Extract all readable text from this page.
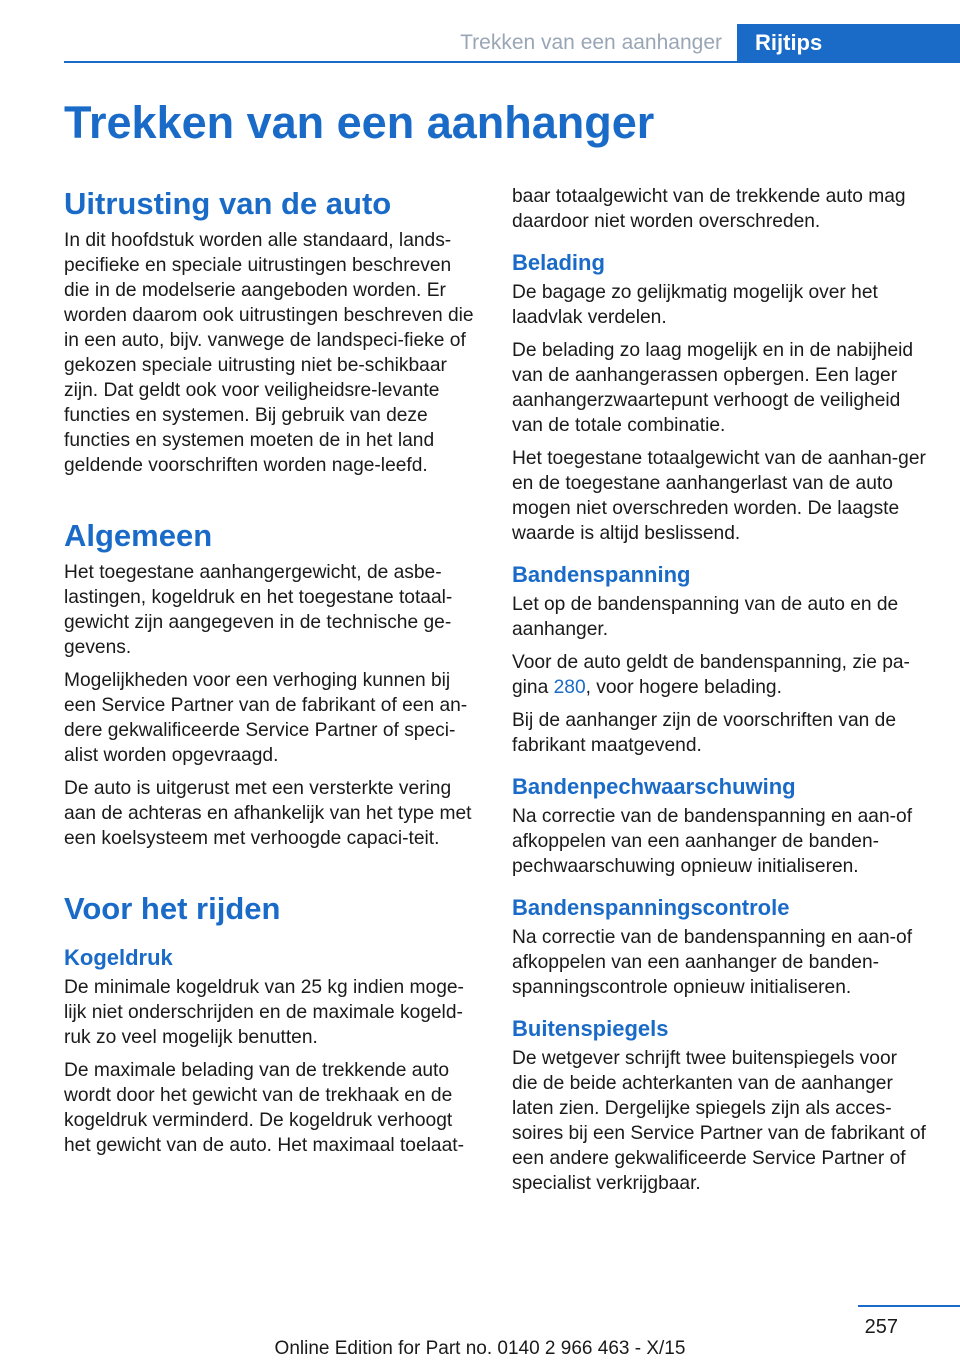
Trekken van een aanhanger	Rijtips
Trekken van een aanhanger
Uitrusting van de auto

In dit hoofdstuk worden alle standaard, lands-pecifieke en speciale uitrustingen beschreven die in de modelserie aangeboden worden. Er worden daarom ook uitrustingen beschreven die in een auto, bijv. vanwege de landspeci-fieke of gekozen speciale uitrusting niet be-schikbaar zijn. Dat geldt ook voor veiligheidsre-levante functies en systemen. Bij gebruik van deze functies en systemen moeten de in het land geldende voorschriften worden nage-leefd.

Algemeen

Het toegestane aanhangergewicht, de asbe-lastingen, kogeldruk en het toegestane totaal-gewicht zijn aangegeven in de technische ge-gevens.

Mogelijkheden voor een verhoging kunnen bij een Service Partner van de fabrikant of een an-dere gekwalificeerde Service Partner of speci-alist worden opgevraagd.

De auto is uitgerust met een versterkte vering aan de achteras en afhankelijk van het type met een koelsysteem met verhoogde capaci-teit.

Voor het rijden
Kogeldruk

De minimale kogeldruk van 25 kg indien moge-lijk niet onderschrijden en de maximale kogeld-ruk zo veel mogelijk benutten.

De maximale belading van de trekkende auto wordt door het gewicht van de trekhaak en de kogeldruk verminderd. De kogeldruk verhoogt het gewicht van de auto. Het maximaal toelaat-

baar totaalgewicht van de trekkende auto mag daardoor niet worden overschreden.

Belading

De bagage zo gelijkmatig mogelijk over het laadvlak verdelen.

De belading zo laag mogelijk en in de nabijheid van de aanhangerassen opbergen. Een lager aanhangerzwaartepunt verhoogt de veiligheid van de totale combinatie.

Het toegestane totaalgewicht van de aanhan-ger en de toegestane aanhangerlast van de auto mogen niet overschreden worden. De laagste waarde is altijd beslissend.

Bandenspanning

Let op de bandenspanning van de auto en de aanhanger.

Voor de auto geldt de bandenspanning, zie pa-gina 280, voor hogere belading.

Bij de aanhanger zijn de voorschriften van de fabrikant maatgevend.

Bandenpechwaarschuwing

Na correctie van de bandenspanning en aan-of afkoppelen van een aanhanger de banden-pechwaarschuwing opnieuw initialiseren.

Bandenspanningscontrole

Na correctie van de bandenspanning en aan-of afkoppelen van een aanhanger de banden-spanningscontrole opnieuw initialiseren.

Buitenspiegels

De wetgever schrijft twee buitenspiegels voor die de beide achterkanten van de aanhanger laten zien. Dergelijke spiegels zijn als acces-soires bij een Service Partner van de fabrikant of een andere gekwalificeerde Service Partner of specialist verkrijgbaar.

257
Online Edition for Part no. 0140 2 966 463 - X/15
